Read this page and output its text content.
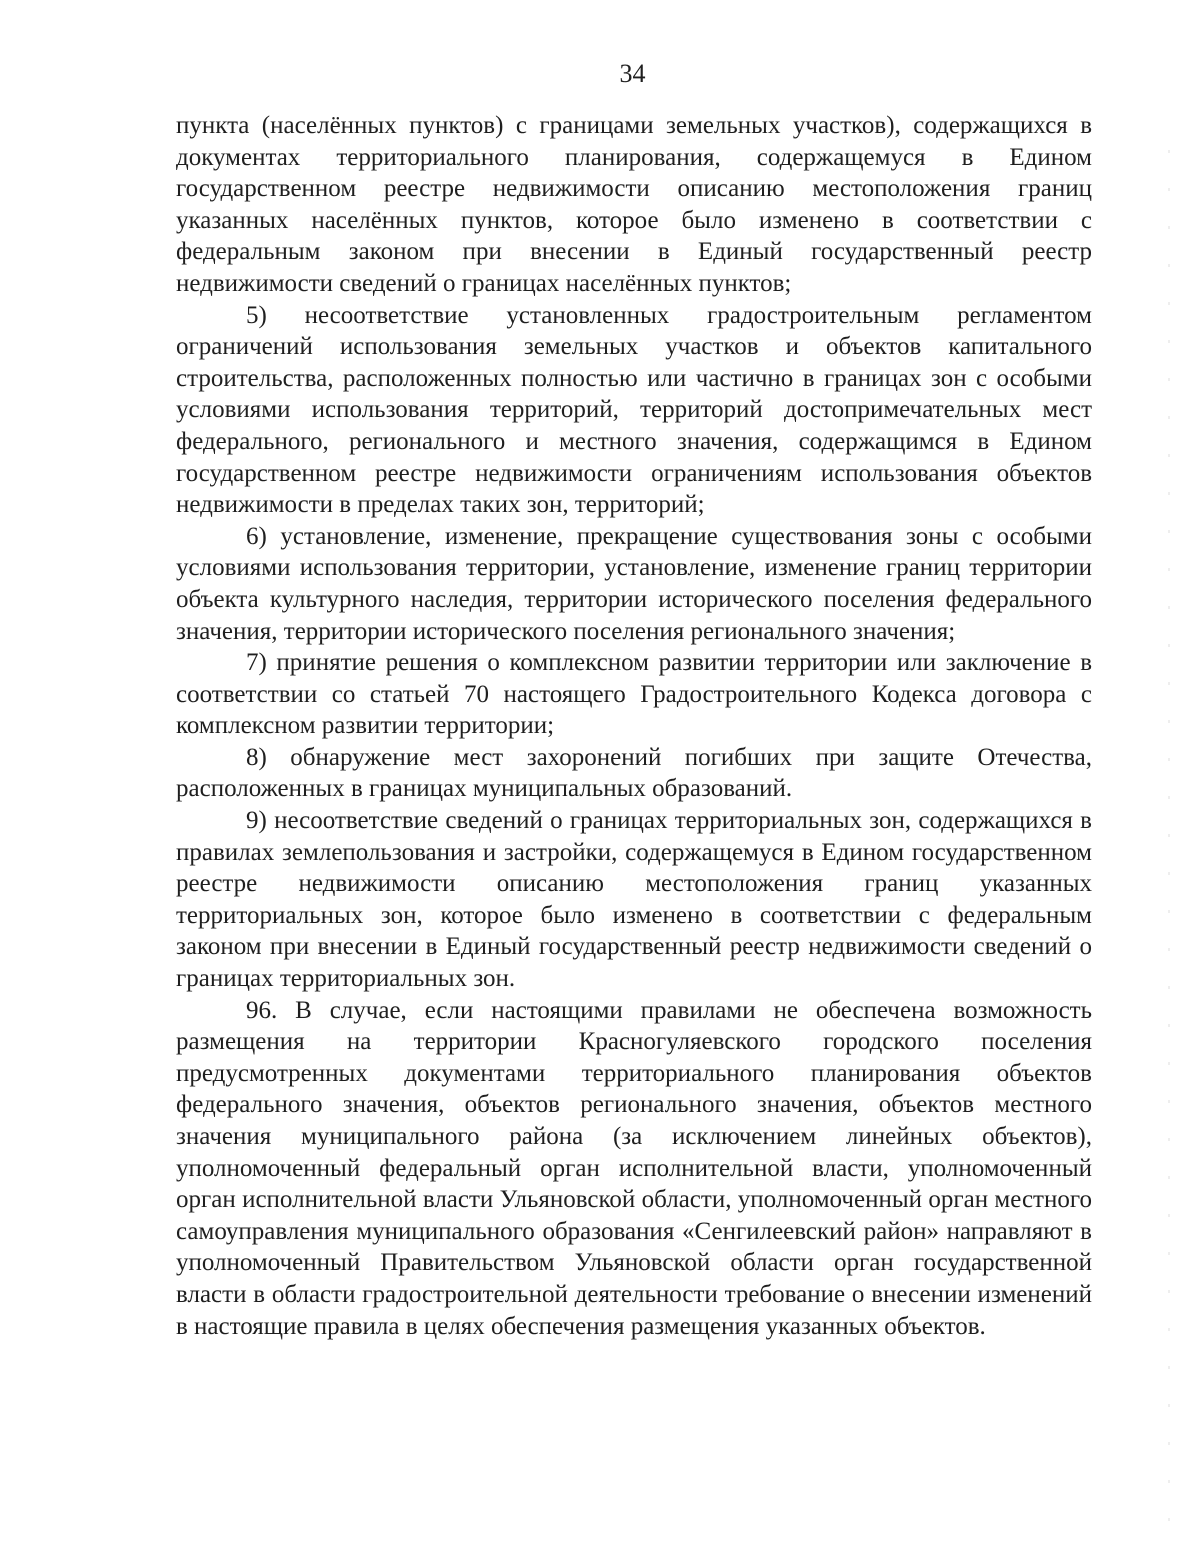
34

пункта (населённых пунктов) с границами земельных участков), содержащихся в документах территориального планирования, содержащемуся в Едином государственном реестре недвижимости описанию местоположения границ указанных населённых пунктов, которое было изменено в соответствии с федеральным законом при внесении в Единый государственный реестр недвижимости сведений о границах населённых пунктов;

5) несоответствие установленных градостроительным регламентом ограничений использования земельных участков и объектов капитального строительства, расположенных полностью или частично в границах зон с особыми условиями использования территорий, территорий достопримечательных мест федерального, регионального и местного значения, содержащимся в Едином государственном реестре недвижимости ограничениям использования объектов недвижимости в пределах таких зон, территорий;

6) установление, изменение, прекращение существования зоны с особыми условиями использования территории, установление, изменение границ территории объекта культурного наследия, территории исторического поселения федерального значения, территории исторического поселения регионального значения;

7) принятие решения о комплексном развитии территории или заключение в соответствии со статьей 70 настоящего Градостроительного Кодекса договора с комплексном развитии территории;

8) обнаружение мест захоронений погибших при защите Отечества, расположенных в границах муниципальных образований.

9) несоответствие сведений о границах территориальных зон, содержащихся в правилах землепользования и застройки, содержащемуся в Едином государственном реестре недвижимости описанию местоположения границ указанных территориальных зон, которое было изменено в соответствии с федеральным законом при внесении в Единый государственный реестр недвижимости сведений о границах территориальных зон.

96. В случае, если настоящими правилами не обеспечена возможность размещения на территории Красногуляевского городского поселения предусмотренных документами территориального планирования объектов федерального значения, объектов регионального значения, объектов местного значения муниципального района (за исключением линейных объектов), уполномоченный федеральный орган исполнительной власти, уполномоченный орган исполнительной власти Ульяновской области, уполномоченный орган местного самоуправления муниципального образования «Сенгилеевский район» направляют в уполномоченный Правительством Ульяновской области орган государственной власти в области градостроительной деятельности требование о внесении изменений в настоящие правила в целях обеспечения размещения указанных объектов.
